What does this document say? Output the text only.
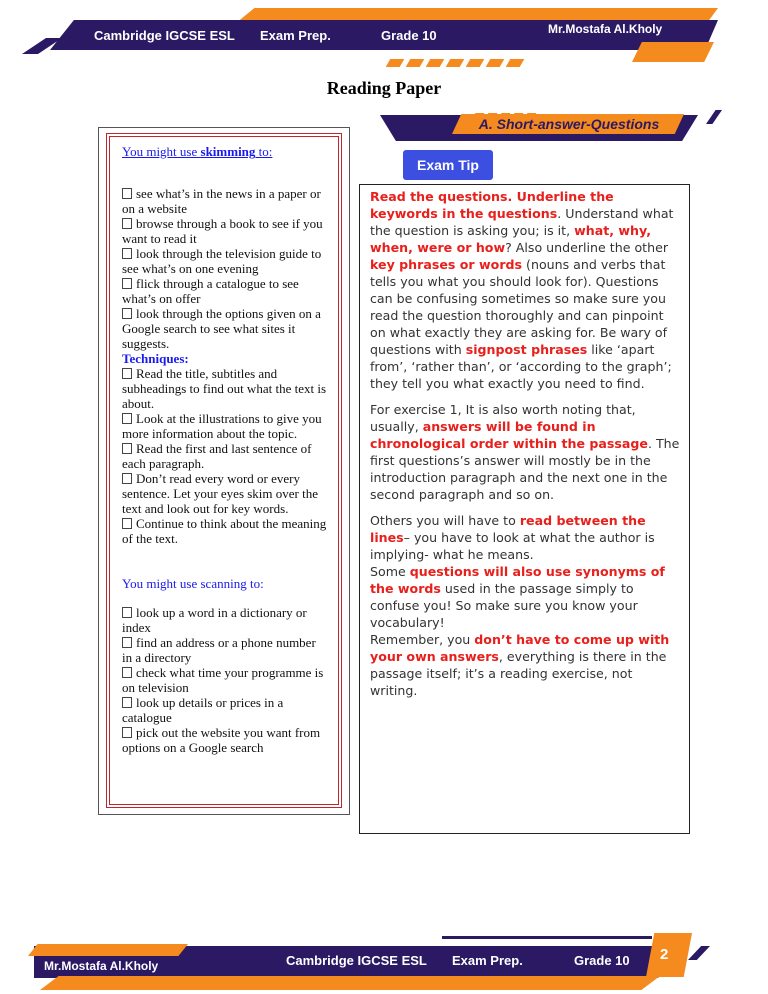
Cambridge IGCSE ESL Exam Prep.	Grade 10	Mr.Mostafa Al.Kholy
Reading Paper
A. Short-answer-Questions
You might use skimming to:
see what’s in the news in a paper or on a website
browse through a book to see if you want to read it
look through the television guide to see what’s on one evening
flick through a catalogue to see what’s on offer
look through the options given on a Google search to see what sites it suggests.
Techniques:
Read the title, subtitles and subheadings to find out what the text is about.
Look at the illustrations to give you more information about the topic.
Read the first and last sentence of each paragraph.
Don’t read every word or every sentence. Let your eyes skim over the text and look out for key words.
Continue to think about the meaning of the text.
You might use scanning to:
look up a word in a dictionary or index
find an address or a phone number in a directory
check what time your programme is on television
look up details or prices in a catalogue
pick out the website you want from options on a Google search
Exam Tip

Read the questions. Underline the keywords in the questions. Understand what the question is asking you; is it, what, why, when, were or how? Also underline the other key phrases or words (nouns and verbs that tells you what you should look for). Questions can be confusing sometimes so make sure you read the question thoroughly and can pinpoint on what exactly they are asking for. Be wary of questions with signpost phrases like ‘apart from’, ‘rather than’, or ‘according to the graph’; they tell you what exactly you need to find.

For exercise 1, It is also worth noting that, usually, answers will be found in chronological order within the passage. The first questions’s answer will mostly be in the introduction paragraph and the next one in the second paragraph and so on.

Others you will have to read between the lines– you have to look at what the author is implying- what he means.
Some questions will also use synonyms of the words used in the passage simply to confuse you! So make sure you know your vocabulary!
Remember, you don’t have to come up with your own answers, everything is there in the passage itself; it’s a reading exercise, not writing.

Mr.Mostafa Al.Kholy	Cambridge IGCSE ESL Exam Prep.	Grade 10 2
